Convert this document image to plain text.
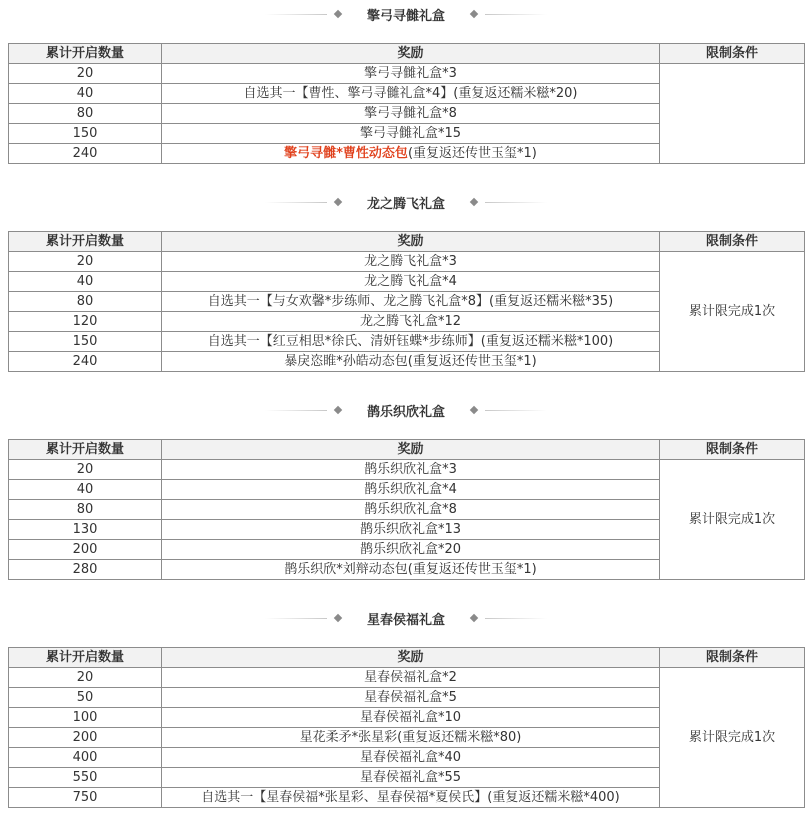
擎弓寻雠礼盒
累计开启数量	奖励	限制条件
20	擎弓寻雠礼盒*3	
40	自选其一【曹性、擎弓寻雠礼盒*4】(重复返还糯米糍*20)	
80	擎弓寻雠礼盒*8	
150	擎弓寻雠礼盒*15	
240	擎弓寻雠*曹性动态包(重复返还传世玉玺*1)	
龙之腾飞礼盒
累计开启数量	奖励	限制条件
20	龙之腾飞礼盒*3	累计限完成1次
40	龙之腾飞礼盒*4	
80	自选其一【与女欢馨*步练师、龙之腾飞礼盒*8】(重复返还糯米糍*35)	
120	龙之腾飞礼盒*12	
150	自选其一【红豆相思*徐氏、清妍钰蝶*步练师】(重复返还糯米糍*100)	
240	暴戾恣睢*孙皓动态包(重复返还传世玉玺*1)	
鹊乐织欣礼盒
累计开启数量	奖励	限制条件
20	鹊乐织欣礼盒*3	累计限完成1次
40	鹊乐织欣礼盒*4	
80	鹊乐织欣礼盒*8	
130	鹊乐织欣礼盒*13	
200	鹊乐织欣礼盒*20	
280	鹊乐织欣*刘辩动态包(重复返还传世玉玺*1)	
星春侯福礼盒
累计开启数量	奖励	限制条件
20	星春侯福礼盒*2	累计限完成1次
50	星春侯福礼盒*5	
100	星春侯福礼盒*10	
200	星花柔矛*张星彩(重复返还糯米糍*80)	
400	星春侯福礼盒*40	
550	星春侯福礼盒*55	
750	自选其一【星春侯福*张星彩、星春侯福*夏侯氏】(重复返还糯米糍*400)	
